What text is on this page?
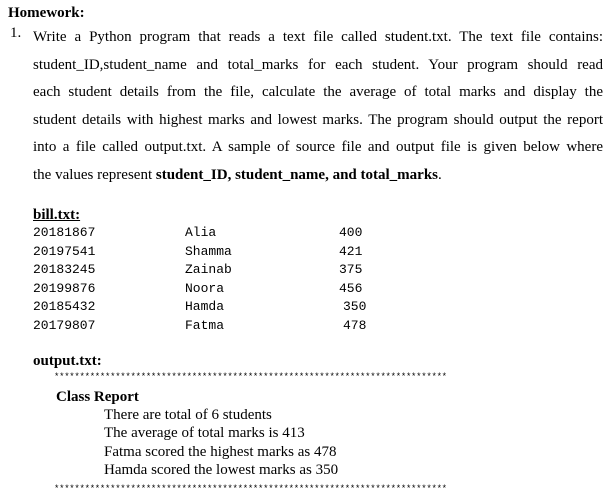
Homework:
1. Write a Python program that reads a text file called student.txt. The text file contains:
student_ID,student_name and total_marks for each student. Your program should read
each student details from the file, calculate the average of total marks and display the
student details with highest marks and lowest marks. The program should output the report
into a file called output.txt. A sample of source file and output file is given below where
the values represent student_ID, student_name, and total_marks.
bill.txt:
20181867	Alia	400
20197541	Shamma	421
20183245	Zainab	375
20199876	Noora	456
20185432	Hamda	350
20179807	Fatma	478
output.txt:
*****************************************************************************
Class Report
There are total of 6 students
The average of total marks is 413
Fatma scored the highest marks as 478
Hamda scored the lowest marks as 350
*****************************************************************************
